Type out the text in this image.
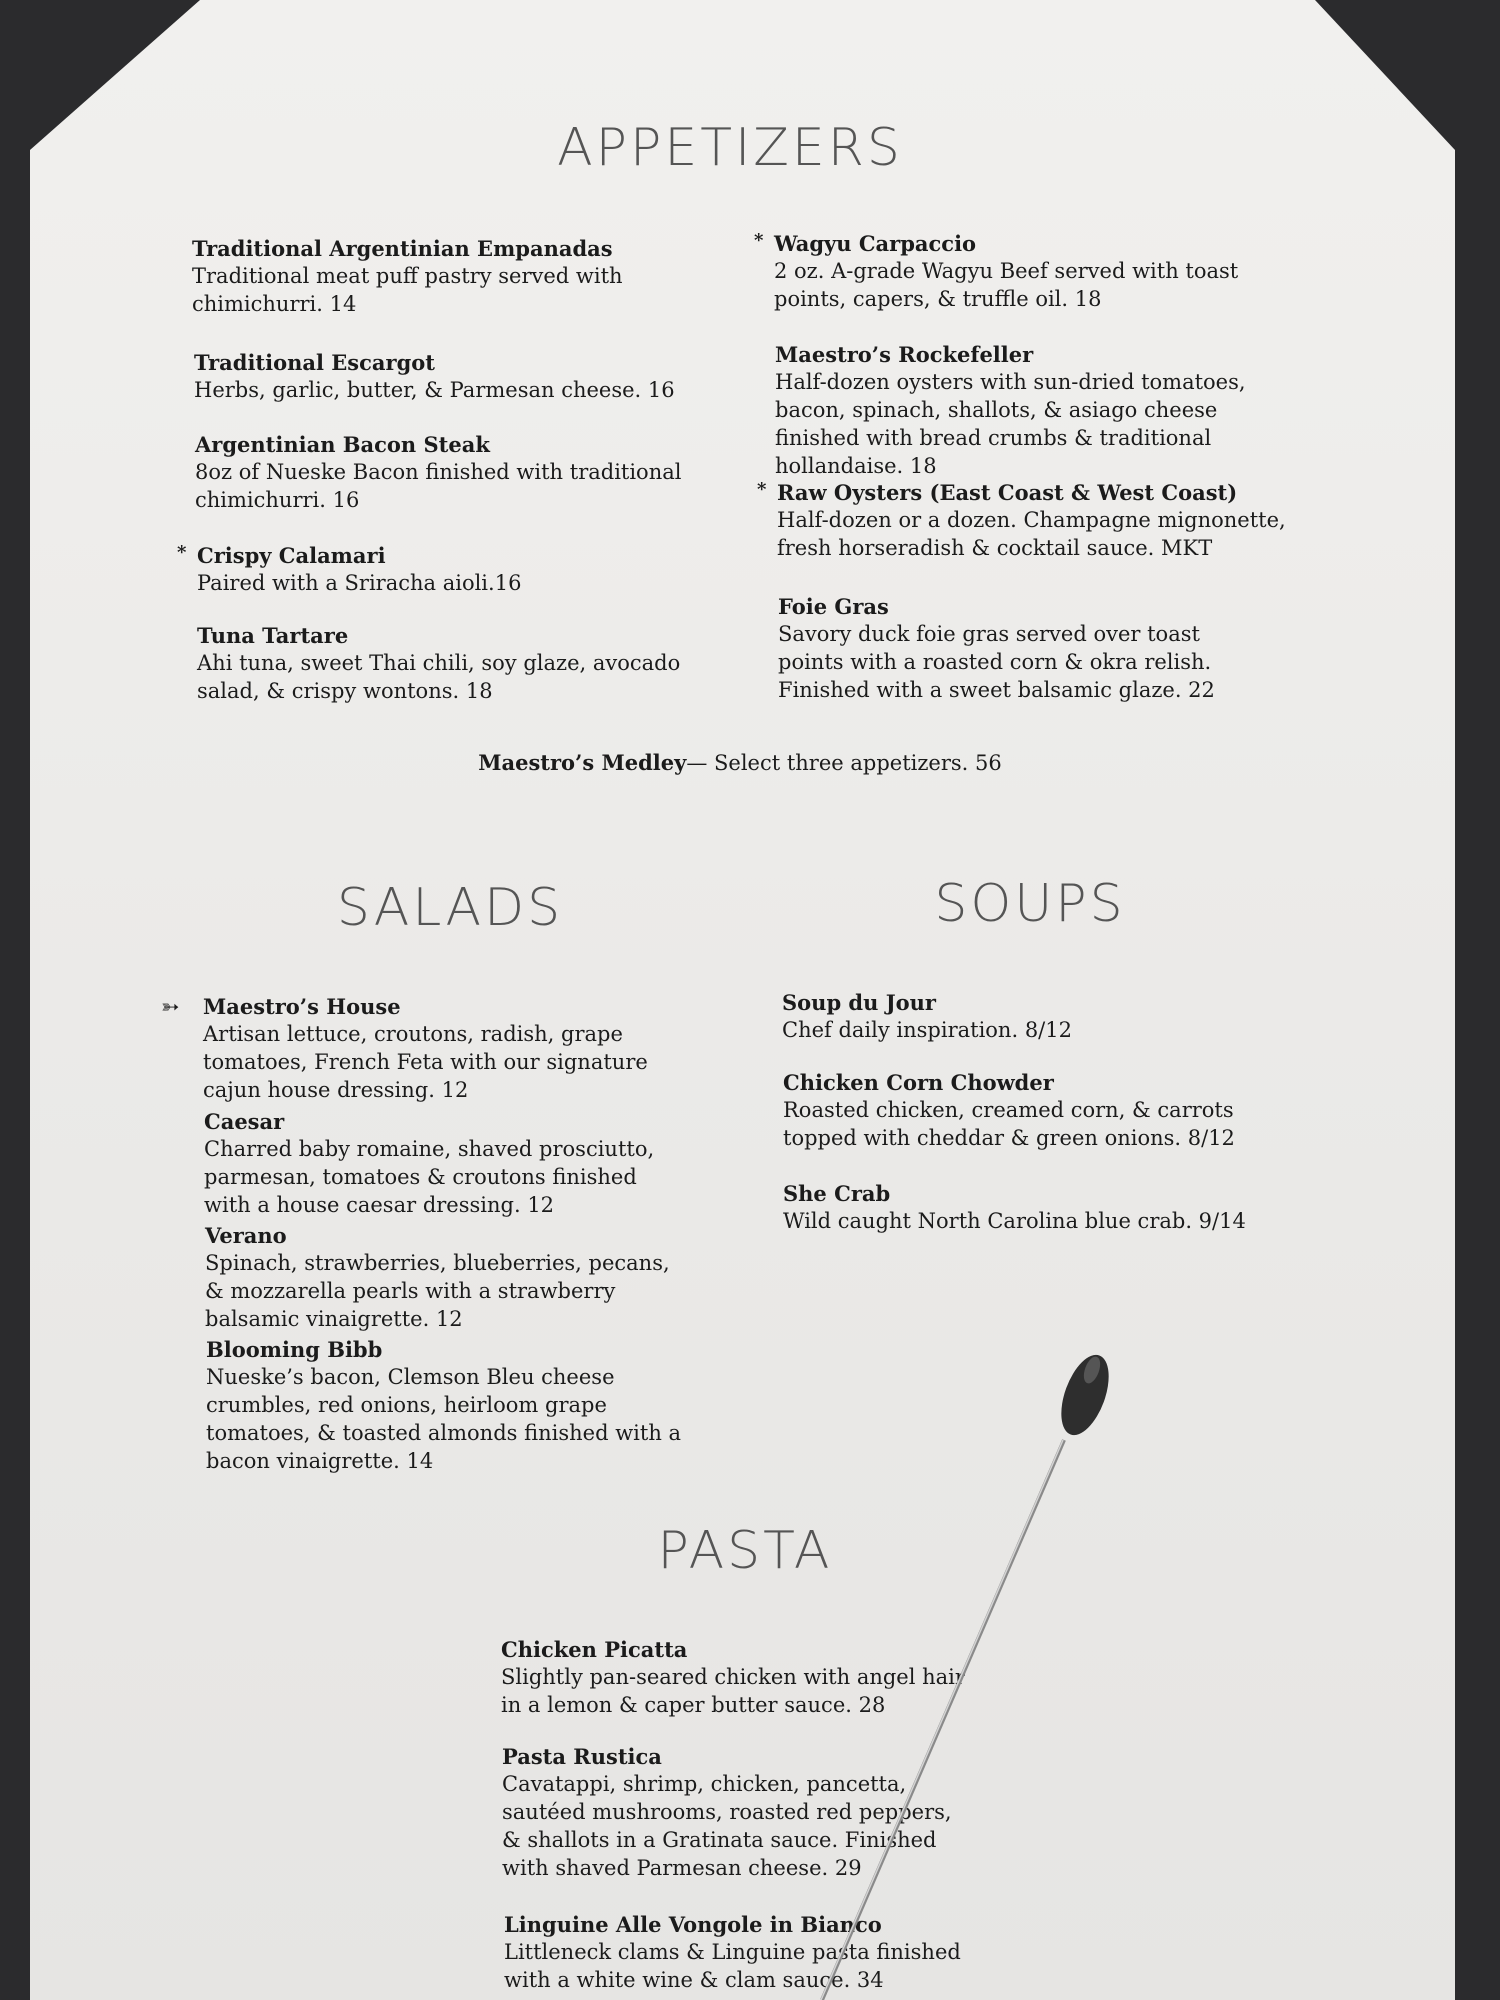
APPETIZERS
Traditional Argentinian Empanadas
Traditional meat puff pastry served with chimichurri. 14
Traditional Escargot
Herbs, garlic, butter, & Parmesan cheese. 16
Argentinian Bacon Steak
8oz of Nueske Bacon finished with traditional chimichurri. 16
* Crispy Calamari
Paired with a Sriracha aioli.16
Tuna Tartare
Ahi tuna, sweet Thai chili, soy glaze, avocado salad, & crispy wontons. 18
* Wagyu Carpaccio
2 oz. A-grade Wagyu Beef served with toast points, capers, & truffle oil. 18
Maestro’s Rockefeller
Half-dozen oysters with sun-dried tomatoes, bacon, spinach, shallots, & asiago cheese finished with bread crumbs & traditional hollandaise. 18
* Raw Oysters (East Coast & West Coast)
Half-dozen or a dozen. Champagne mignonette, fresh horseradish & cocktail sauce. MKT
Foie Gras
Savory duck foie gras served over toast points with a roasted corn & okra relish. Finished with a sweet balsamic glaze. 22
Maestro’s Medley— Select three appetizers. 56
SALADS
➳ Maestro’s House
Artisan lettuce, croutons, radish, grape tomatoes, French Feta with our signature cajun house dressing. 12
Caesar
Charred baby romaine, shaved prosciutto, parmesan, tomatoes & croutons finished with a house caesar dressing. 12
Verano
Spinach, strawberries, blueberries, pecans, & mozzarella pearls with a strawberry balsamic vinaigrette. 12
Blooming Bibb
Nueske’s bacon, Clemson Bleu cheese crumbles, red onions, heirloom grape tomatoes, & toasted almonds finished with a bacon vinaigrette. 14
SOUPS
Soup du Jour
Chef daily inspiration. 8/12
Chicken Corn Chowder
Roasted chicken, creamed corn, & carrots topped with cheddar & green onions. 8/12
She Crab
Wild caught North Carolina blue crab. 9/14
PASTA
Chicken Picatta
Slightly pan-seared chicken with angel hair in a lemon & caper butter sauce. 28
Pasta Rustica
Cavatappi, shrimp, chicken, pancetta, sautéed mushrooms, roasted red peppers, & shallots in a Gratinata sauce. Finished with shaved Parmesan cheese. 29
Linguine Alle Vongole in Bianco
Littleneck clams & Linguine pasta finished with a white wine & clam sauce. 34
